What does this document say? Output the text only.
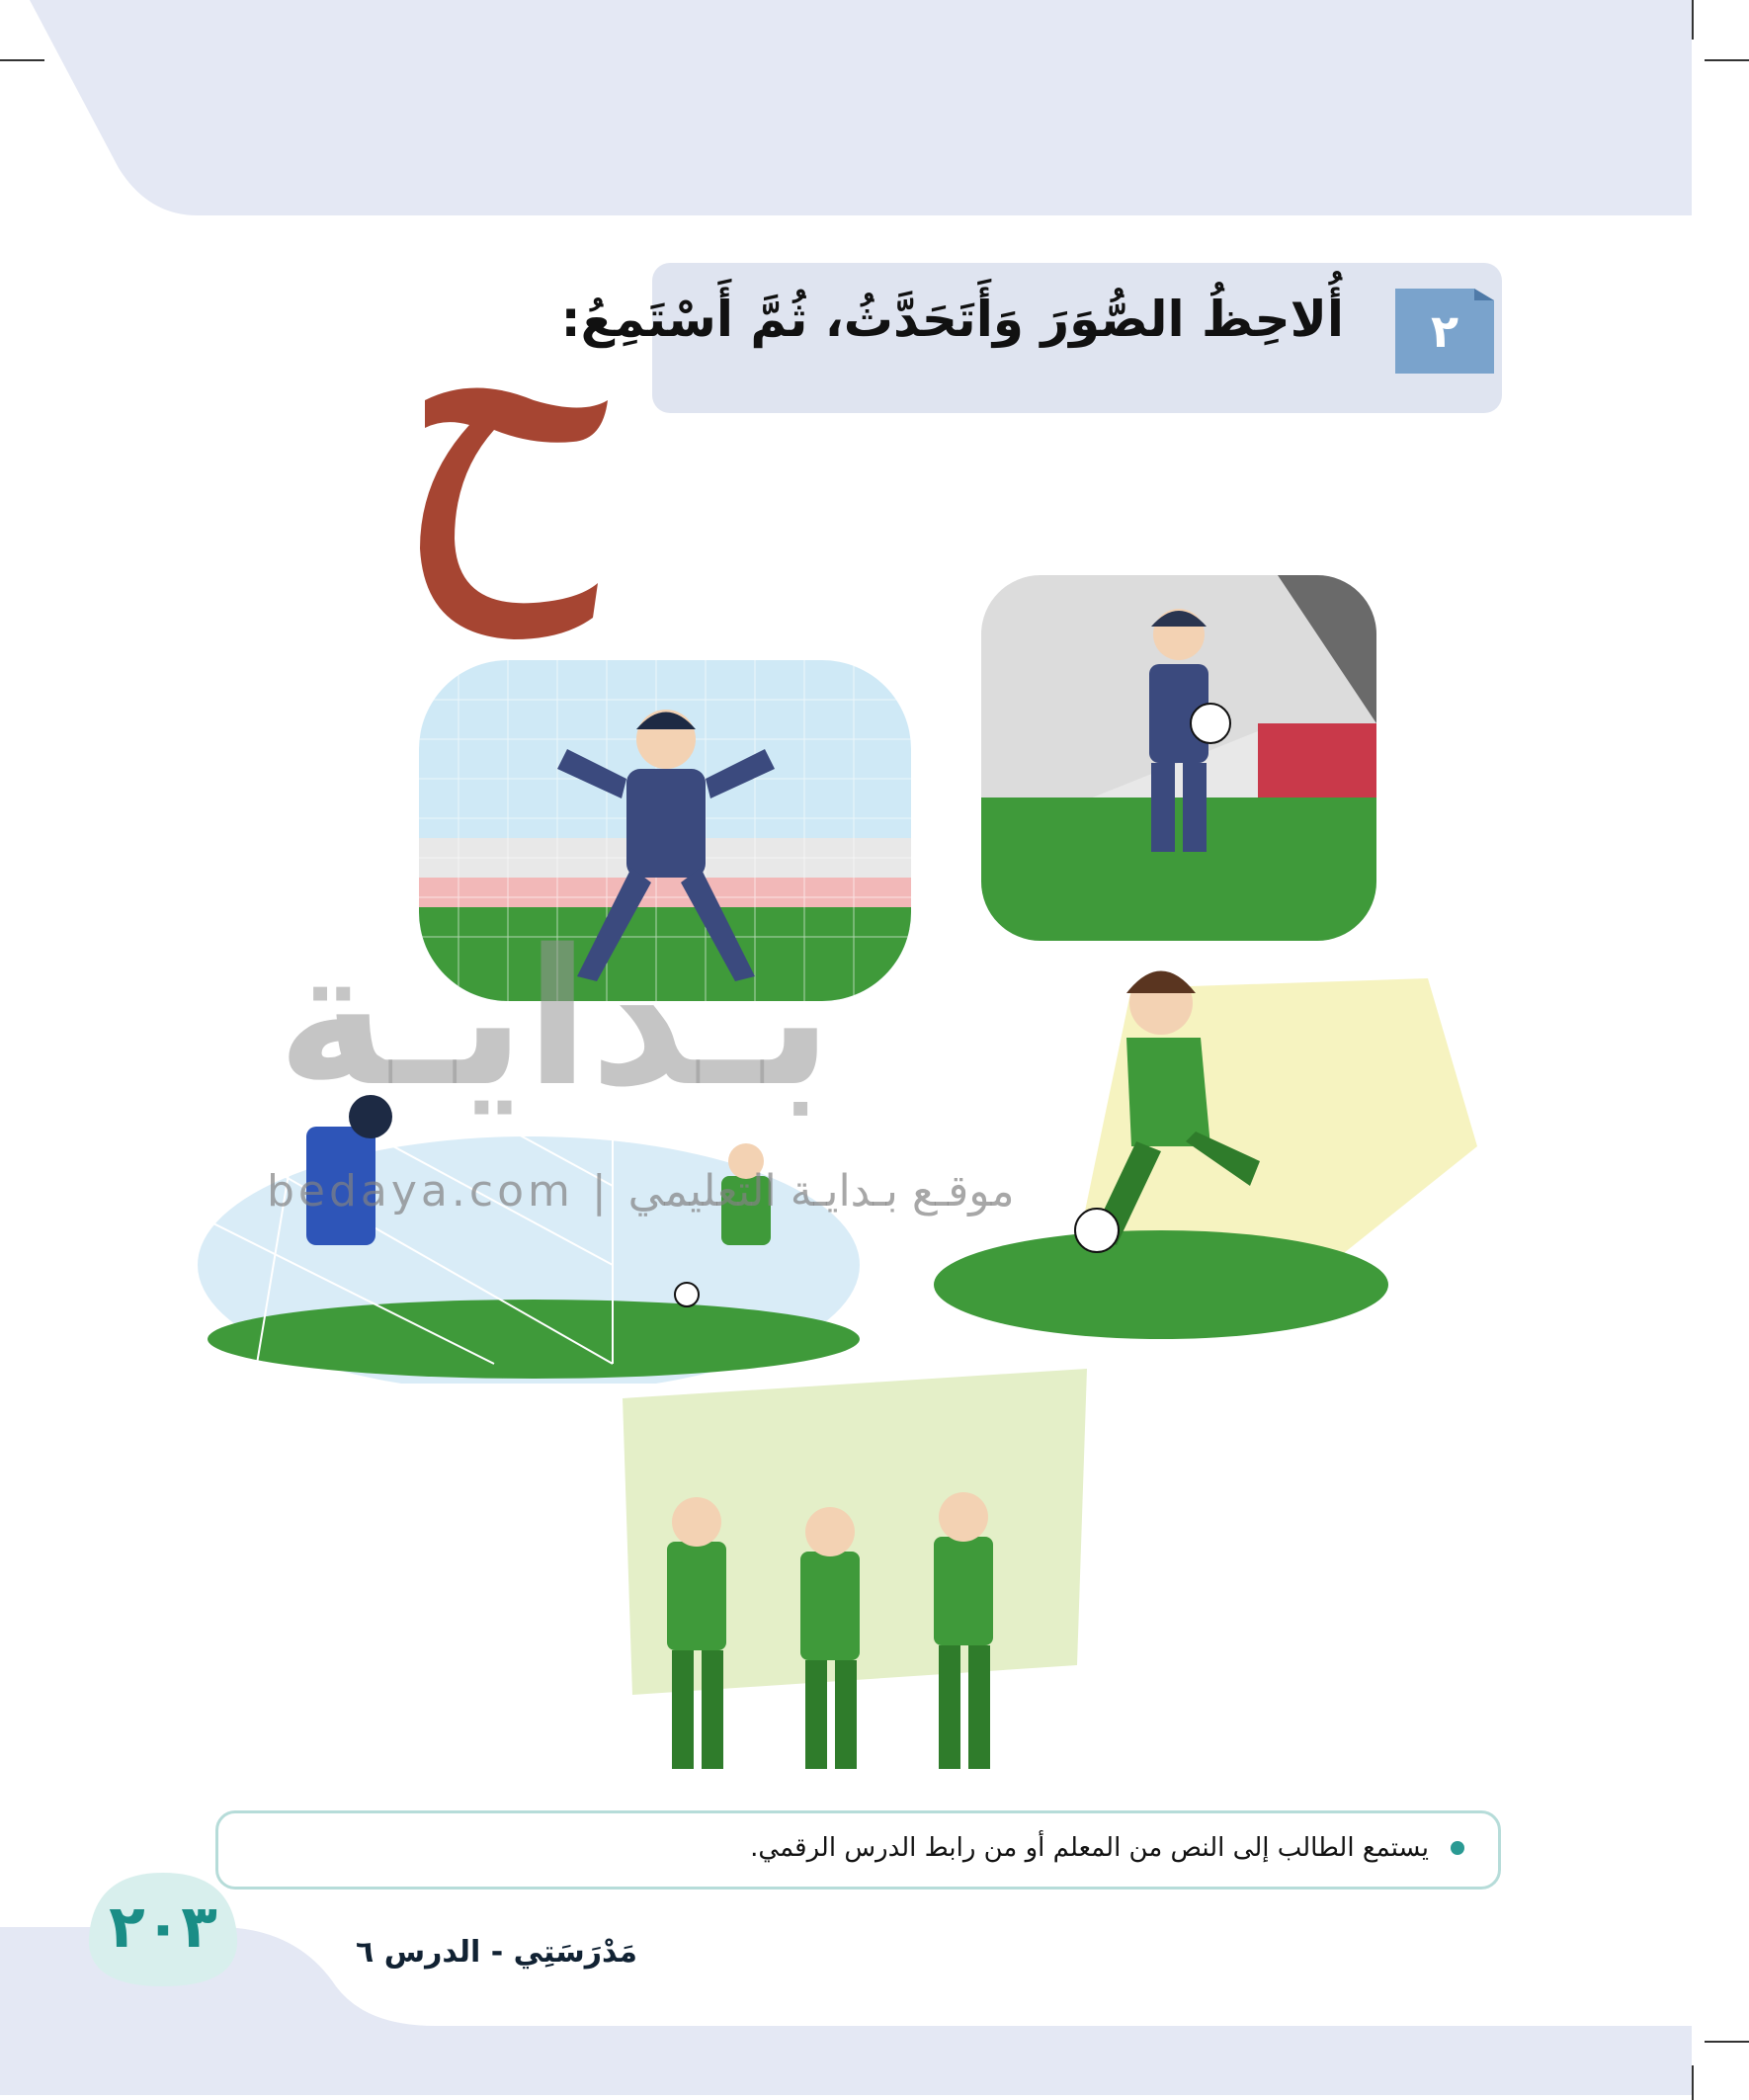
أُلاحِظُ الصُّوَرَ وَأَتَحَدَّثُ، ثُمَّ أَسْتَمِعُ:	٢
بـدايـة
bedaya.com | موقـع بـدايـة التعليمي
يستمع الطالب إلى النص من المعلم أو من رابط الدرس الرقمي.
٢٠٣	مَدْرَسَتِي - الدرس ٦
